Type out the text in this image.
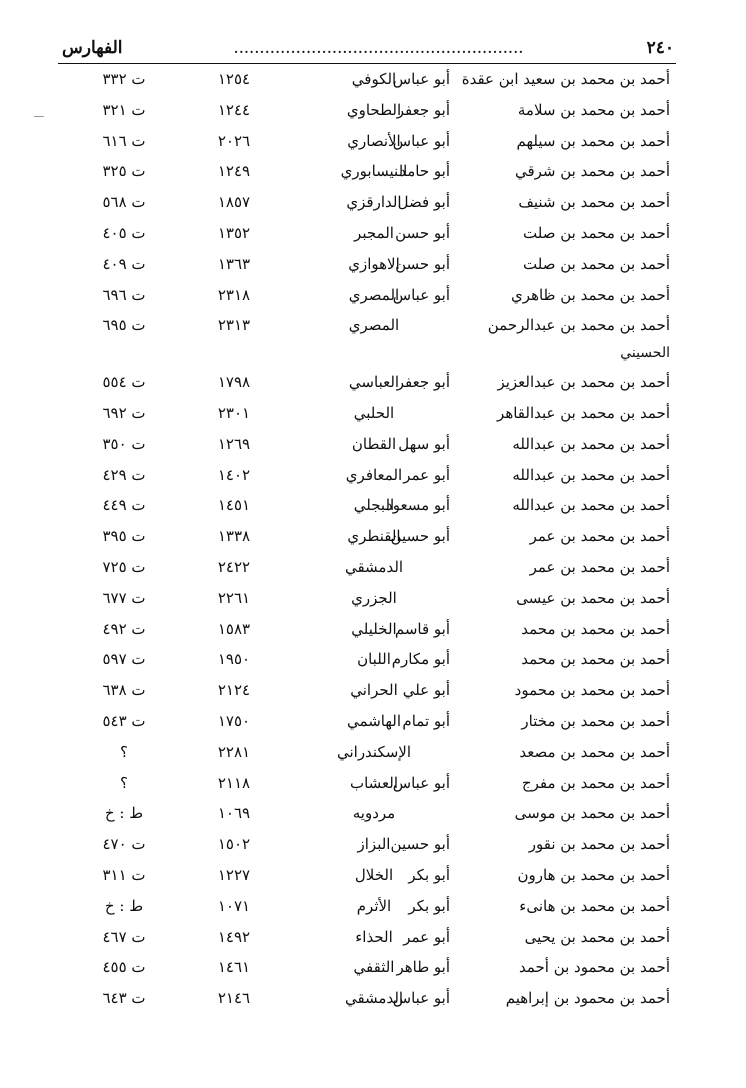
٢٤٠
........................................................
الفهارس
أحمد بن محمد بن سعيد ابن عقدة
أبو عباس
الكوفي
١٢٥٤
ت ٣٣٢
أحمد بن محمد بن سلامة
أبو جعفر
الطحاوي
١٢٤٤
ت ٣٢١
أحمد بن محمد بن سيلهم
أبو عباس
الأنصاري
٢٠٢٦
ت ٦١٦
أحمد بن محمد بن شرقي
أبو حامد
النيسابوري
١٢٤٩
ت ٣٢٥
أحمد بن محمد بن شنيف
أبو فضل
الدارقزي
١٨٥٧
ت ٥٦٨
أحمد بن محمد بن صلت
أبو حسن
المجبر
١٣٥٢
ت ٤٠٥
أحمد بن محمد بن صلت
أبو حسن
الاهوازي
١٣٦٣
ت ٤٠٩
أحمد بن محمد بن ظاهري
أبو عباس
المصري
٢٣١٨
ت ٦٩٦
أحمد بن محمد بن عبدالرحمن
المصري
٢٣١٣
ت ٦٩٥
الحسيني
أحمد بن محمد بن عبدالعزيز
أبو جعفر
العباسي
١٧٩٨
ت ٥٥٤
أحمد بن محمد بن عبدالقاهر
الحلبي
٢٣٠١
ت ٦٩٢
أحمد بن محمد بن عبدالله
أبو سهل
القطان
١٢٦٩
ت ٣٥٠
أحمد بن محمد بن عبدالله
أبو عمر
المعافري
١٤٠٢
ت ٤٢٩
أحمد بن محمد بن عبدالله
أبو مسعود
البجلي
١٤٥١
ت ٤٤٩
أحمد بن محمد بن عمر
أبو حسين
القنطري
١٣٣٨
ت ٣٩٥
أحمد بن محمد بن عمر
الدمشقي
٢٤٢٢
ت ٧٢٥
أحمد بن محمد بن عيسى
الجزري
٢٢٦١
ت ٦٧٧
أحمد بن محمد بن محمد
أبو قاسم
الخليلي
١٥٨٣
ت ٤٩٢
أحمد بن محمد بن محمد
أبو مكارم
اللبان
١٩٥٠
ت ٥٩٧
أحمد بن محمد بن محمود
أبو علي
الحراني
٢١٢٤
ت ٦٣٨
أحمد بن محمد بن مختار
أبو تمام
الهاشمي
١٧٥٠
ت ٥٤٣
أحمد بن محمد بن مصعد
الإسكندراني
٢٢٨١
؟
أحمد بن محمد بن مفرج
أبو عباس
العشاب
٢١١٨
؟
أحمد بن محمد بن موسى
مردويه
١٠٦٩
ط : خ
أحمد بن محمد بن نقور
أبو حسين
البزاز
١٥٠٢
ت ٤٧٠
أحمد بن محمد بن هارون
أبو بكر
الخلال
١٢٢٧
ت ٣١١
أحمد بن محمد بن هانىء
أبو بكر
الأثرم
١٠٧١
ط : خ
أحمد بن محمد بن يحيى
أبو عمر
الحذاء
١٤٩٢
ت ٤٦٧
أحمد بن محمود بن أحمد
أبو طاهر
الثقفي
١٤٦١
ت ٤٥٥
أحمد بن محمود بن إبراهيم
أبو عباس
الدمشقي
٢١٤٦
ت ٦٤٣
